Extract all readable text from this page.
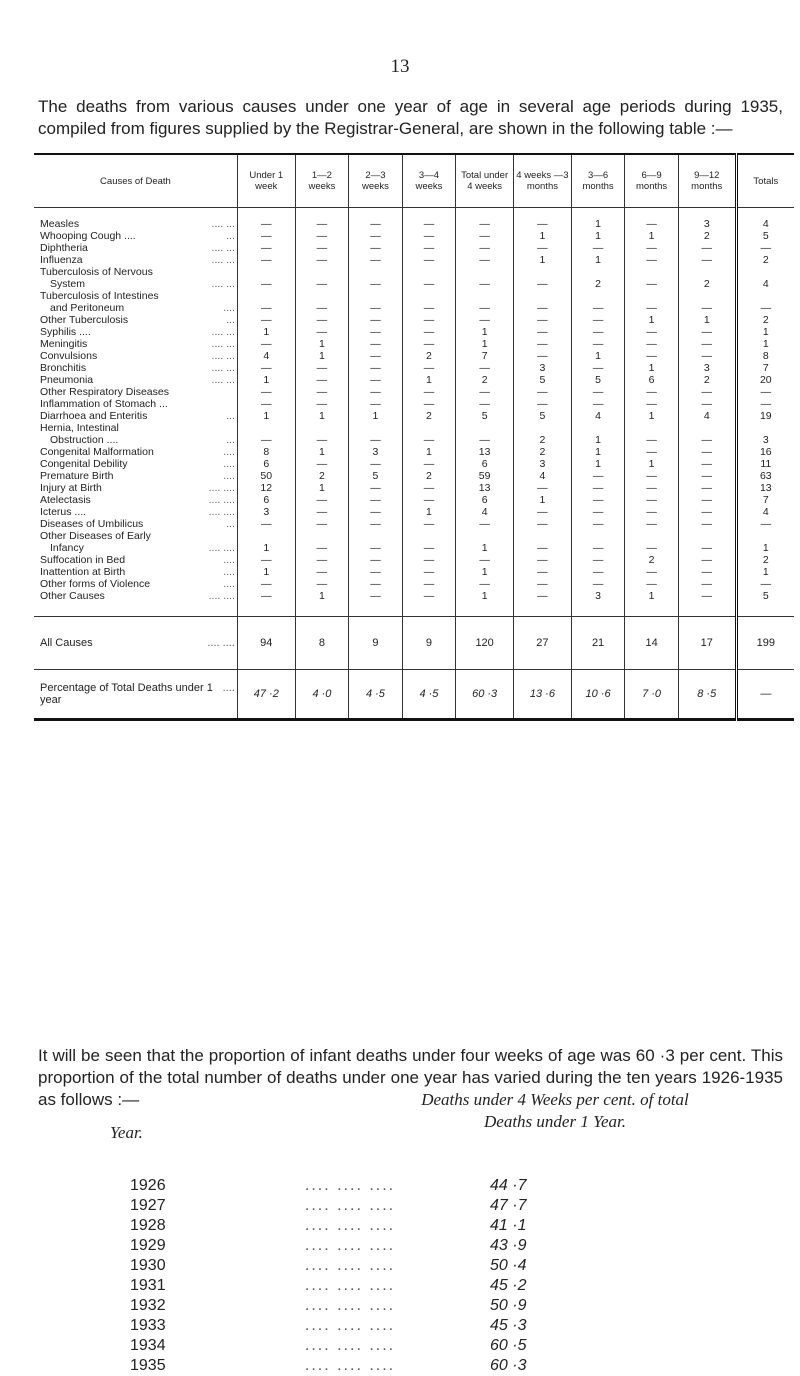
13

The deaths from various causes under one year of age in several age periods during 1935, compiled from figures supplied by the Registrar-General, are shown in the following table :—

Causes of Death	Under 1 week	1—2 weeks	2—3 weeks	3—4 weeks	Total under 4 weeks	4 weeks —3 months	3—6 months	6—9 months	9—12 months	Totals

Measles .... ...	—	—	—	—	—	—	1	—	3	4

Whooping Cough .... ...	—	—	—	—	—	1	1	1	2	5

Diphtheria .... ...	—	—	—	—	—	—	—	—	—	—

Influenza .... ...	—	—	—	—	—	1	1	—	—	2

Tuberculosis of Nervous										

System .... ...	—	—	—	—	—	—	2	—	2	4

Tuberculosis of Intestines										

and Peritoneum ....	—	—	—	—	—	—	—	—	—	—

Other Tuberculosis ...	—	—	—	—	—	—	—	1	1	2

Syphilis .... .... ...	1	—	—	—	1	—	—	—	—	1

Meningitis .... ...	—	1	—	—	1	—	—	—	—	1

Convulsions .... ...	4	1	—	2	7	—	1	—	—	8

Bronchitis .... ...	—	—	—	—	—	3	—	1	3	7

Pneumonia .... ...	1	—	—	1	2	5	5	6	2	20

Other Respiratory Diseases	—	—	—	—	—	—	—	—	—	—

Inflammation of Stomach ...	—	—	—	—	—	—	—	—	—	—

Diarrhoea and Enteritis ...	1	1	1	2	5	5	4	1	4	19

Hernia, Intestinal										

Obstruction .... ...	—	—	—	—	—	2	1	—	—	3

Congenital Malformation ....	8	1	3	1	13	2	1	—	—	16

Congenital Debility ....	6	—	—	—	6	3	1	1	—	11

Premature Birth ....	50	2	5	2	59	4	—	—	—	63

Injury at Birth .... ....	12	1	—	—	13	—	—	—	—	13

Atelectasis .... ....	6	—	—	—	6	1	—	—	—	7

Icterus .... .... ....	3	—	—	1	4	—	—	—	—	4

Diseases of Umbilicus ...	—	—	—	—	—	—	—	—	—	—

Other Diseases of Early										

Infancy .... ....	1	—	—	—	1	—	—	—	—	1

Suffocation in Bed ....	—	—	—	—	—	—	—	2	—	2

Inattention at Birth ....	1	—	—	—	1	—	—	—	—	1

Other forms of Violence ....	—	—	—	—	—	—	—	—	—	—

Other Causes .... ....	—	1	—	—	1	—	3	1	—	5

All Causes .... ....	94	8	9	9	120	27	21	14	17	199

Percentage of Total Deaths under 1 year
....	47 ·2	4 ·0	4 ·5	4 ·5	60 ·3	13 ·6	10 ·6	7 ·0	8 ·5	—

It will be seen that the proportion of infant deaths under four weeks of age was 60 ·3 per cent. This proportion of the total number of deaths under one year has varied during the ten years 1926-1935 as follows :—	Deaths under 4 Weeks per cent. of total Deaths under 1 Year.
Year.
1926	.... .... ....	44 ·7
1927	.... .... ....	47 ·7
1928	.... .... ....	41 ·1
1929	.... .... ....	43 ·9
1930	.... .... ....	50 ·4
1931	.... .... ....	45 ·2
1932	.... .... ....	50 ·9
1933	.... .... ....	45 ·3
1934	.... .... ....	60 ·5
1935	.... .... ....	60 ·3
